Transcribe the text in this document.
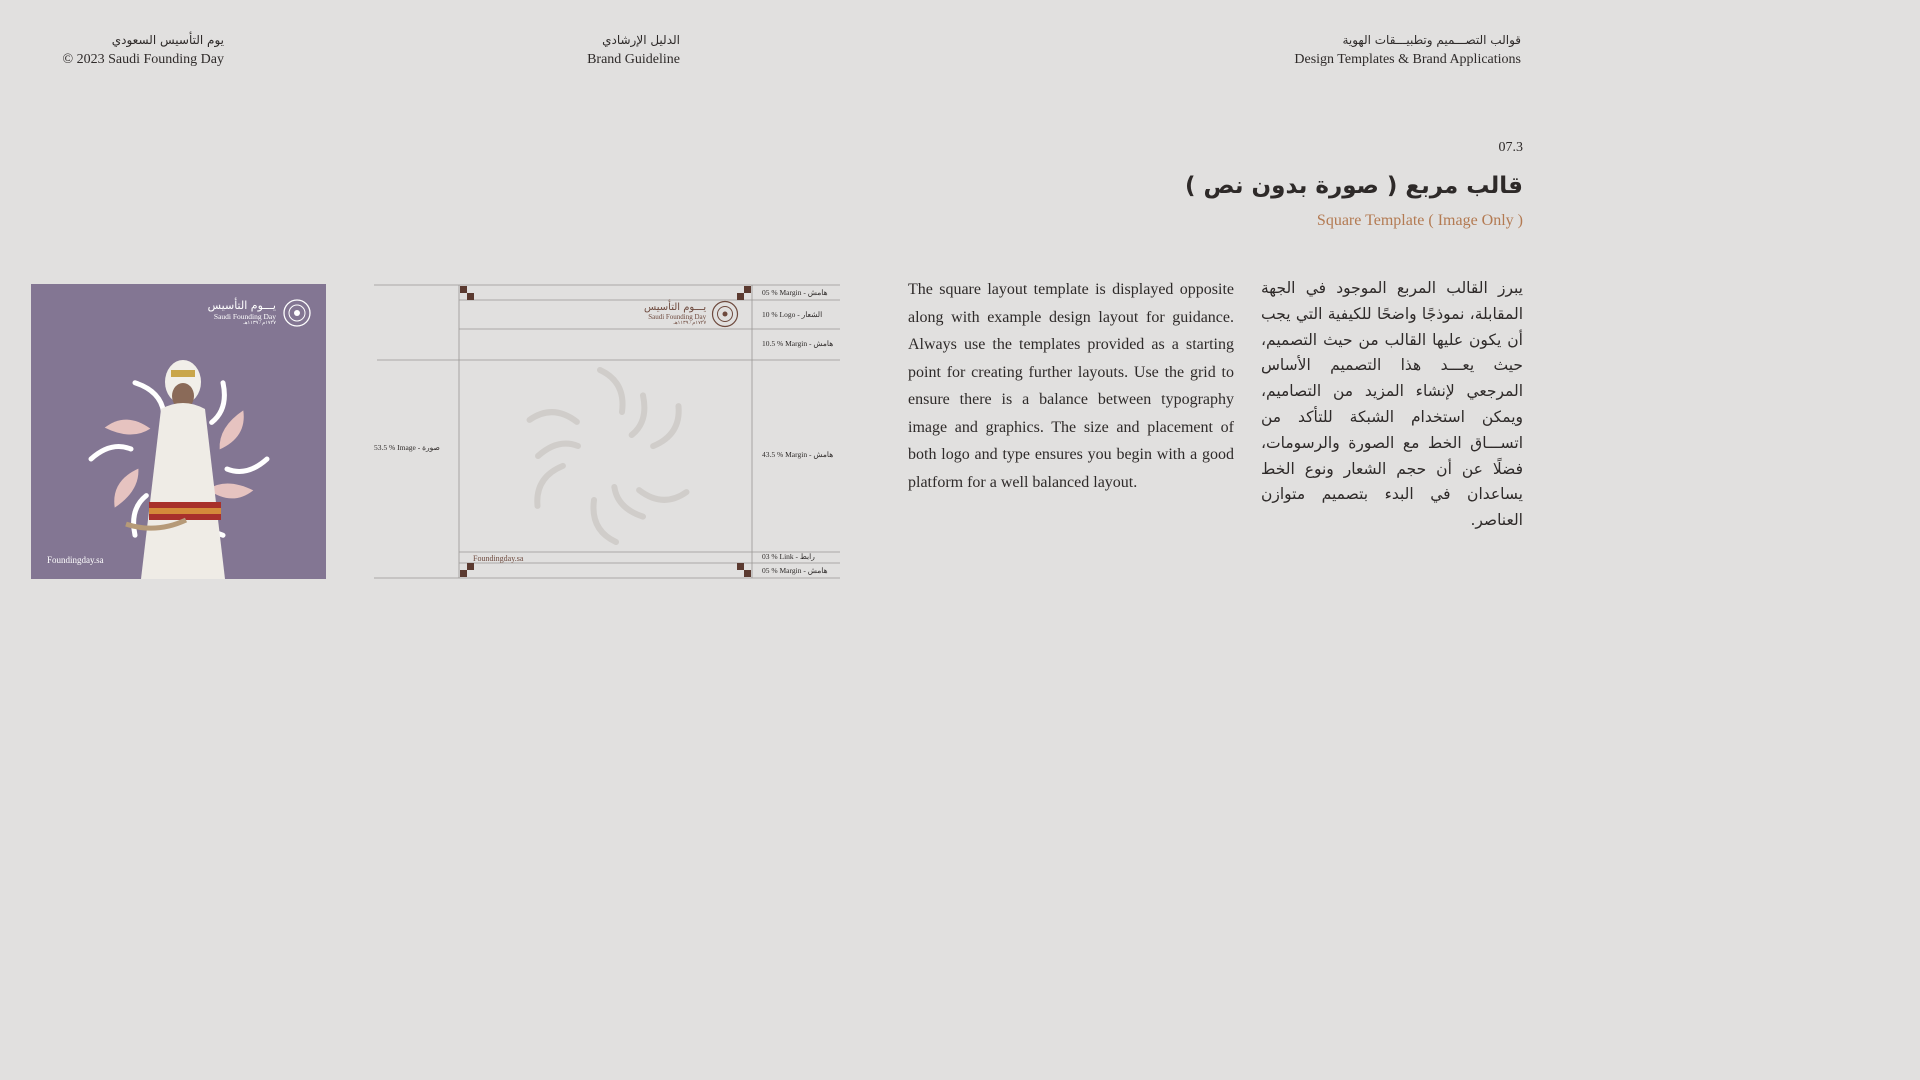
يوم التأسيس السعودي
© 2023 Saudi Founding Day
الدليل الإرشادي
Brand Guideline
قوالب التصـــميم وتطبيـــقات الهوية
Design Templates & Brand Applications
07.3
قالب مربع ( صورة بدون نص )
Square Template ( Image Only )
يبرز القالب المربع الموجود في الجهة المقابلة، نموذجًا واضحًا للكيفية التي يجب أن يكون عليها القالب من حيث التصميم، حيث يعـــد هذا التصميم الأساس المرجعي لإنشاء المزيد من التصاميم، ويمكن استخدام الشبكة للتأكد من اتســـاق الخط مع الصورة والرسومات، فضلًا عن أن حجم الشعار ونوع الخط يساعدان في البدء بتصميم متوازن العناصر.
The square layout template is displayed opposite along with example design layout for guidance. Always use the templates provided as a starting point for creating further layouts. Use the grid to ensure there is a balance between typography image and graphics. The size and placement of both logo and type ensures you begin with a good platform for a well balanced layout.
يـــوم التأسيس
Saudi Founding Day
١٧٢٧م / ١١٣٩هـ
Foundingday.sa
يـــوم التأسيس
Saudi Founding Day
١٧٢٧م / ١١٣٩هـ
Foundingday.sa
05 % Margin - هامش
10 % Logo - الشعار
10.5 % Margin - هامش
43.5 % Margin - هامش
53.5 % Image - صورة
03 % Link - رابط
05 % Margin - هامش
